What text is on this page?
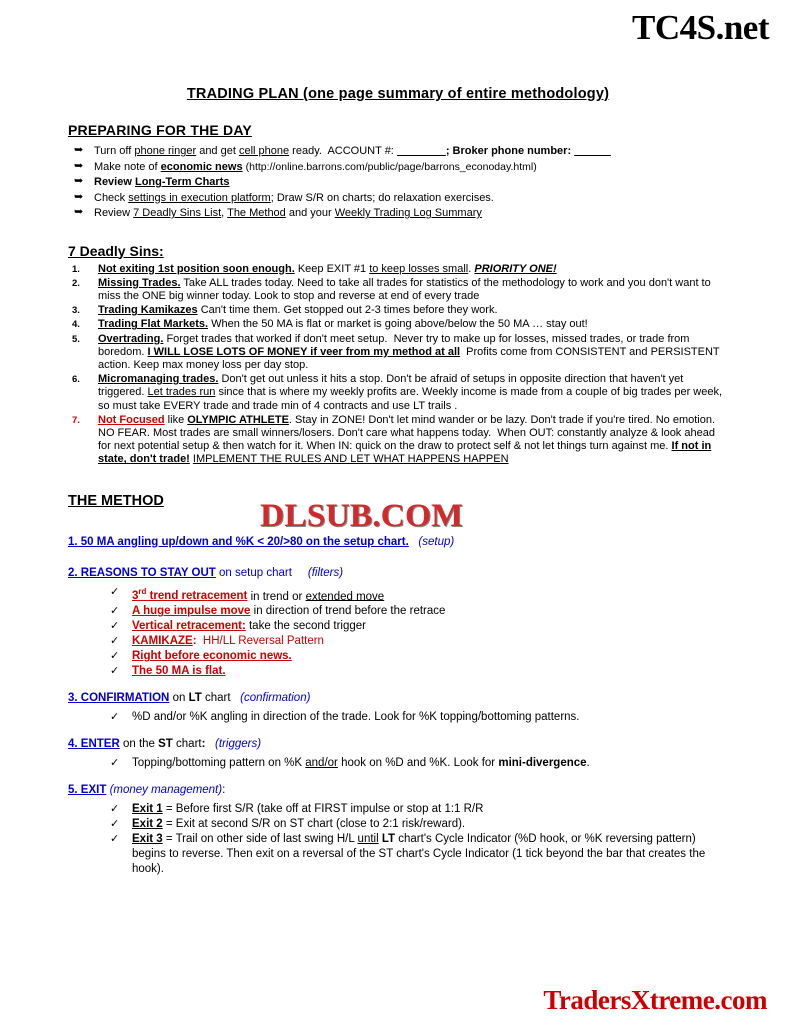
TC4S.net
DLSUB.COM
TradersXtreme.com
TRADING PLAN (one page summary of entire methodology)
PREPARING FOR THE DAY
➥ Turn off phone ringer and get cell phone ready.  ACCOUNT #:	; Broker phone number:
➥ Make note of economic news (http://online.barrons.com/public/page/barrons_econoday.html)
➥ Review Long-Term Charts
➥ Check settings in execution platform; Draw S/R on charts; do relaxation exercises.
➥ Review 7 Deadly Sins List, The Method and your Weekly Trading Log Summary
7 Deadly Sins:
1. Not exiting 1st position soon enough. Keep EXIT #1 to keep losses small. PRIORITY ONE!
2. Missing Trades. Take ALL trades today. Need to take all trades for statistics of the methodology to work and you don't want to miss the ONE big winner today. Look to stop and reverse at end of every trade
3. Trading Kamikazes Can't time them. Get stopped out 2-3 times before they work.
4. Trading Flat Markets. When the 50 MA is flat or market is going above/below the 50 MA … stay out!
5. Overtrading. Forget trades that worked if don't meet setup.  Never try to make up for losses, missed trades, or trade from boredom. I WILL LOSE LOTS OF MONEY if veer from my method at all  Profits come from CONSISTENT and PERSISTENT action. Keep max money loss per day stop.
6. Micromanaging trades. Don't get out unless it hits a stop. Don't be afraid of setups in opposite direction that haven't yet triggered. Let trades run since that is where my weekly profits are. Weekly income is made from a couple of big trades per week, so must take EVERY trade and trade min of 4 contracts and use LT trails .
7. Not Focused like OLYMPIC ATHLETE. Stay in ZONE! Don't let mind wander or be lazy. Don't trade if you're tired. No emotion. NO FEAR. Most trades are small winners/losers. Don't care what happens today.  When OUT: constantly analyze & look ahead for next potential setup & then watch for it. When IN: quick on the draw to protect self & not let things turn against me. If not in state, don't trade! IMPLEMENT THE RULES AND LET WHAT HAPPENS HAPPEN
THE METHOD
1. 50 MA angling up/down and %K < 20/>80 on the setup chart. (setup)
2. REASONS TO STAY OUT on setup chart (filters)
✓ 3rd trend retracement in trend or extended move
✓ A huge impulse move in direction of trend before the retrace
✓ Vertical retracement: take the second trigger
✓ KAMIKAZE:  HH/LL Reversal Pattern
✓ Right before economic news.
✓ The 50 MA is flat.
3. CONFIRMATION on LT chart   (confirmation)
✓ %D and/or %K angling in direction of the trade. Look for %K topping/bottoming patterns.
4. ENTER on the ST chart: (triggers)
✓ Topping/bottoming pattern on %K and/or hook on %D and %K. Look for mini-divergence.
5. EXIT (money management):
✓ Exit 1 = Before first S/R (take off at FIRST impulse or stop at 1:1 R/R
✓ Exit 2 = Exit at second S/R on ST chart (close to 2:1 risk/reward).
✓ Exit 3 = Trail on other side of last swing H/L until LT chart's Cycle Indicator (%D hook, or %K reversing pattern) begins to reverse. Then exit on a reversal of the ST chart's Cycle Indicator (1 tick beyond the bar that creates the hook).
